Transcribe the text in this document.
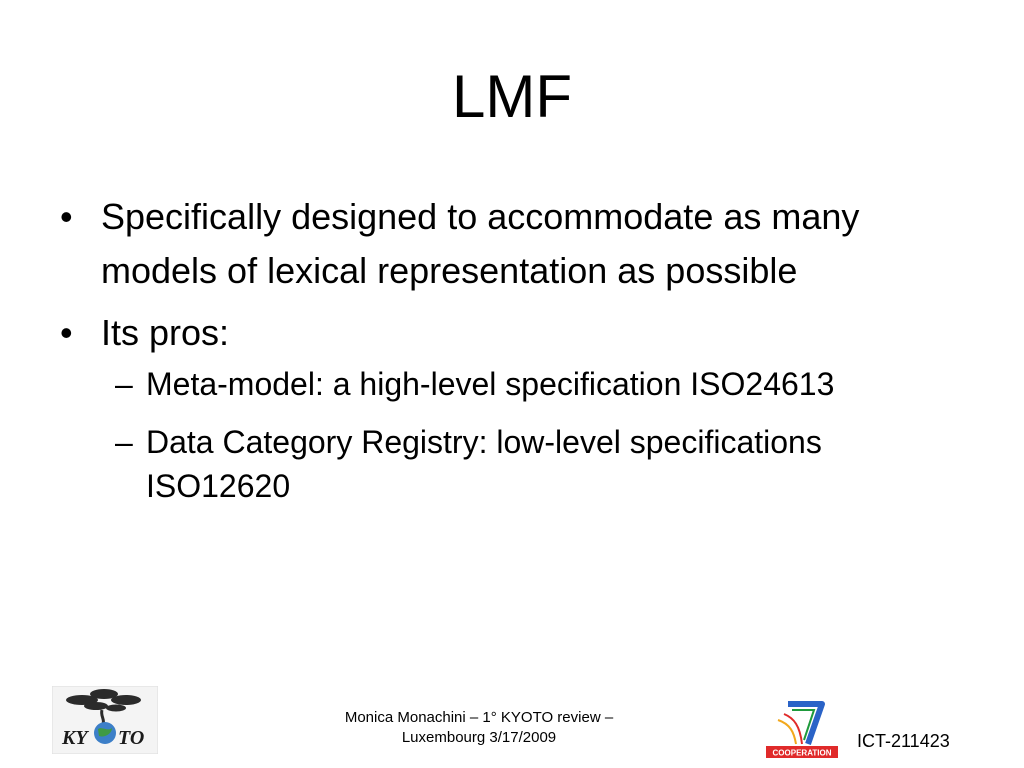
LMF
• Specifically designed to accommodate as many models of lexical representation as possible
• Its pros:
– Meta-model: a high-level specification ISO24613
– Data Category Registry: low-level specifications ISO12620
KY TO
Monica Monachini – 1° KYOTO review –
Luxembourg 3/17/2009
COOPERATION
ICT-211423
